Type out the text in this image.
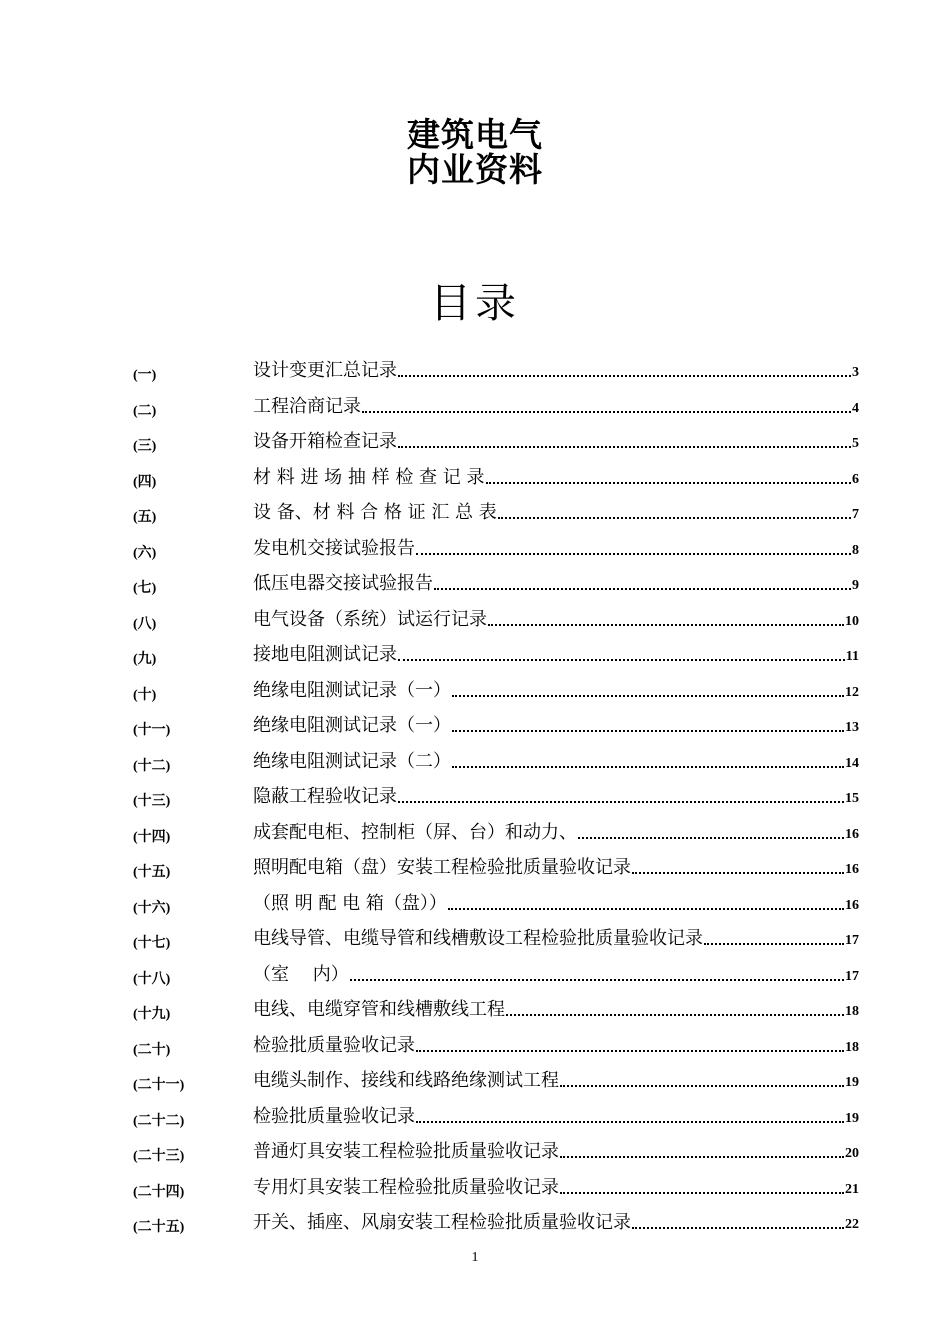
建筑电气
内业资料
目录
(一)	设计变更汇总记录	3
(二)	工程洽商记录	4
(三)	设备开箱检查记录	5
(四)	材 料 进 场 抽 样 检 查 记 录	6
(五)	设 备、材 料 合 格 证 汇 总 表	7
(六)	发电机交接试验报告	8
(七)	低压电器交接试验报告	9
(八)	电气设备（系统）试运行记录	10
(九)	接地电阻测试记录	11
(十)	绝缘电阻测试记录（一）	12
(十一)	绝缘电阻测试记录（一）	13
(十二)	绝缘电阻测试记录（二）	14
(十三)	隐蔽工程验收记录	15
(十四)	成套配电柜、控制柜（屏、台）和动力、	16
(十五)	照明配电箱（盘）安装工程检验批质量验收记录	16
(十六)	（照 明 配 电 箱（盘））	16
(十七)	电线导管、电缆导管和线槽敷设工程检验批质量验收记录	17
(十八)	（室　 内）	17
(十九)	电线、电缆穿管和线槽敷线工程	18
(二十)	检验批质量验收记录	18
(二十一)	电缆头制作、接线和线路绝缘测试工程	19
(二十二)	检验批质量验收记录	19
(二十三)	普通灯具安装工程检验批质量验收记录	20
(二十四)	专用灯具安装工程检验批质量验收记录	21
(二十五)	开关、插座、风扇安装工程检验批质量验收记录	22
1
